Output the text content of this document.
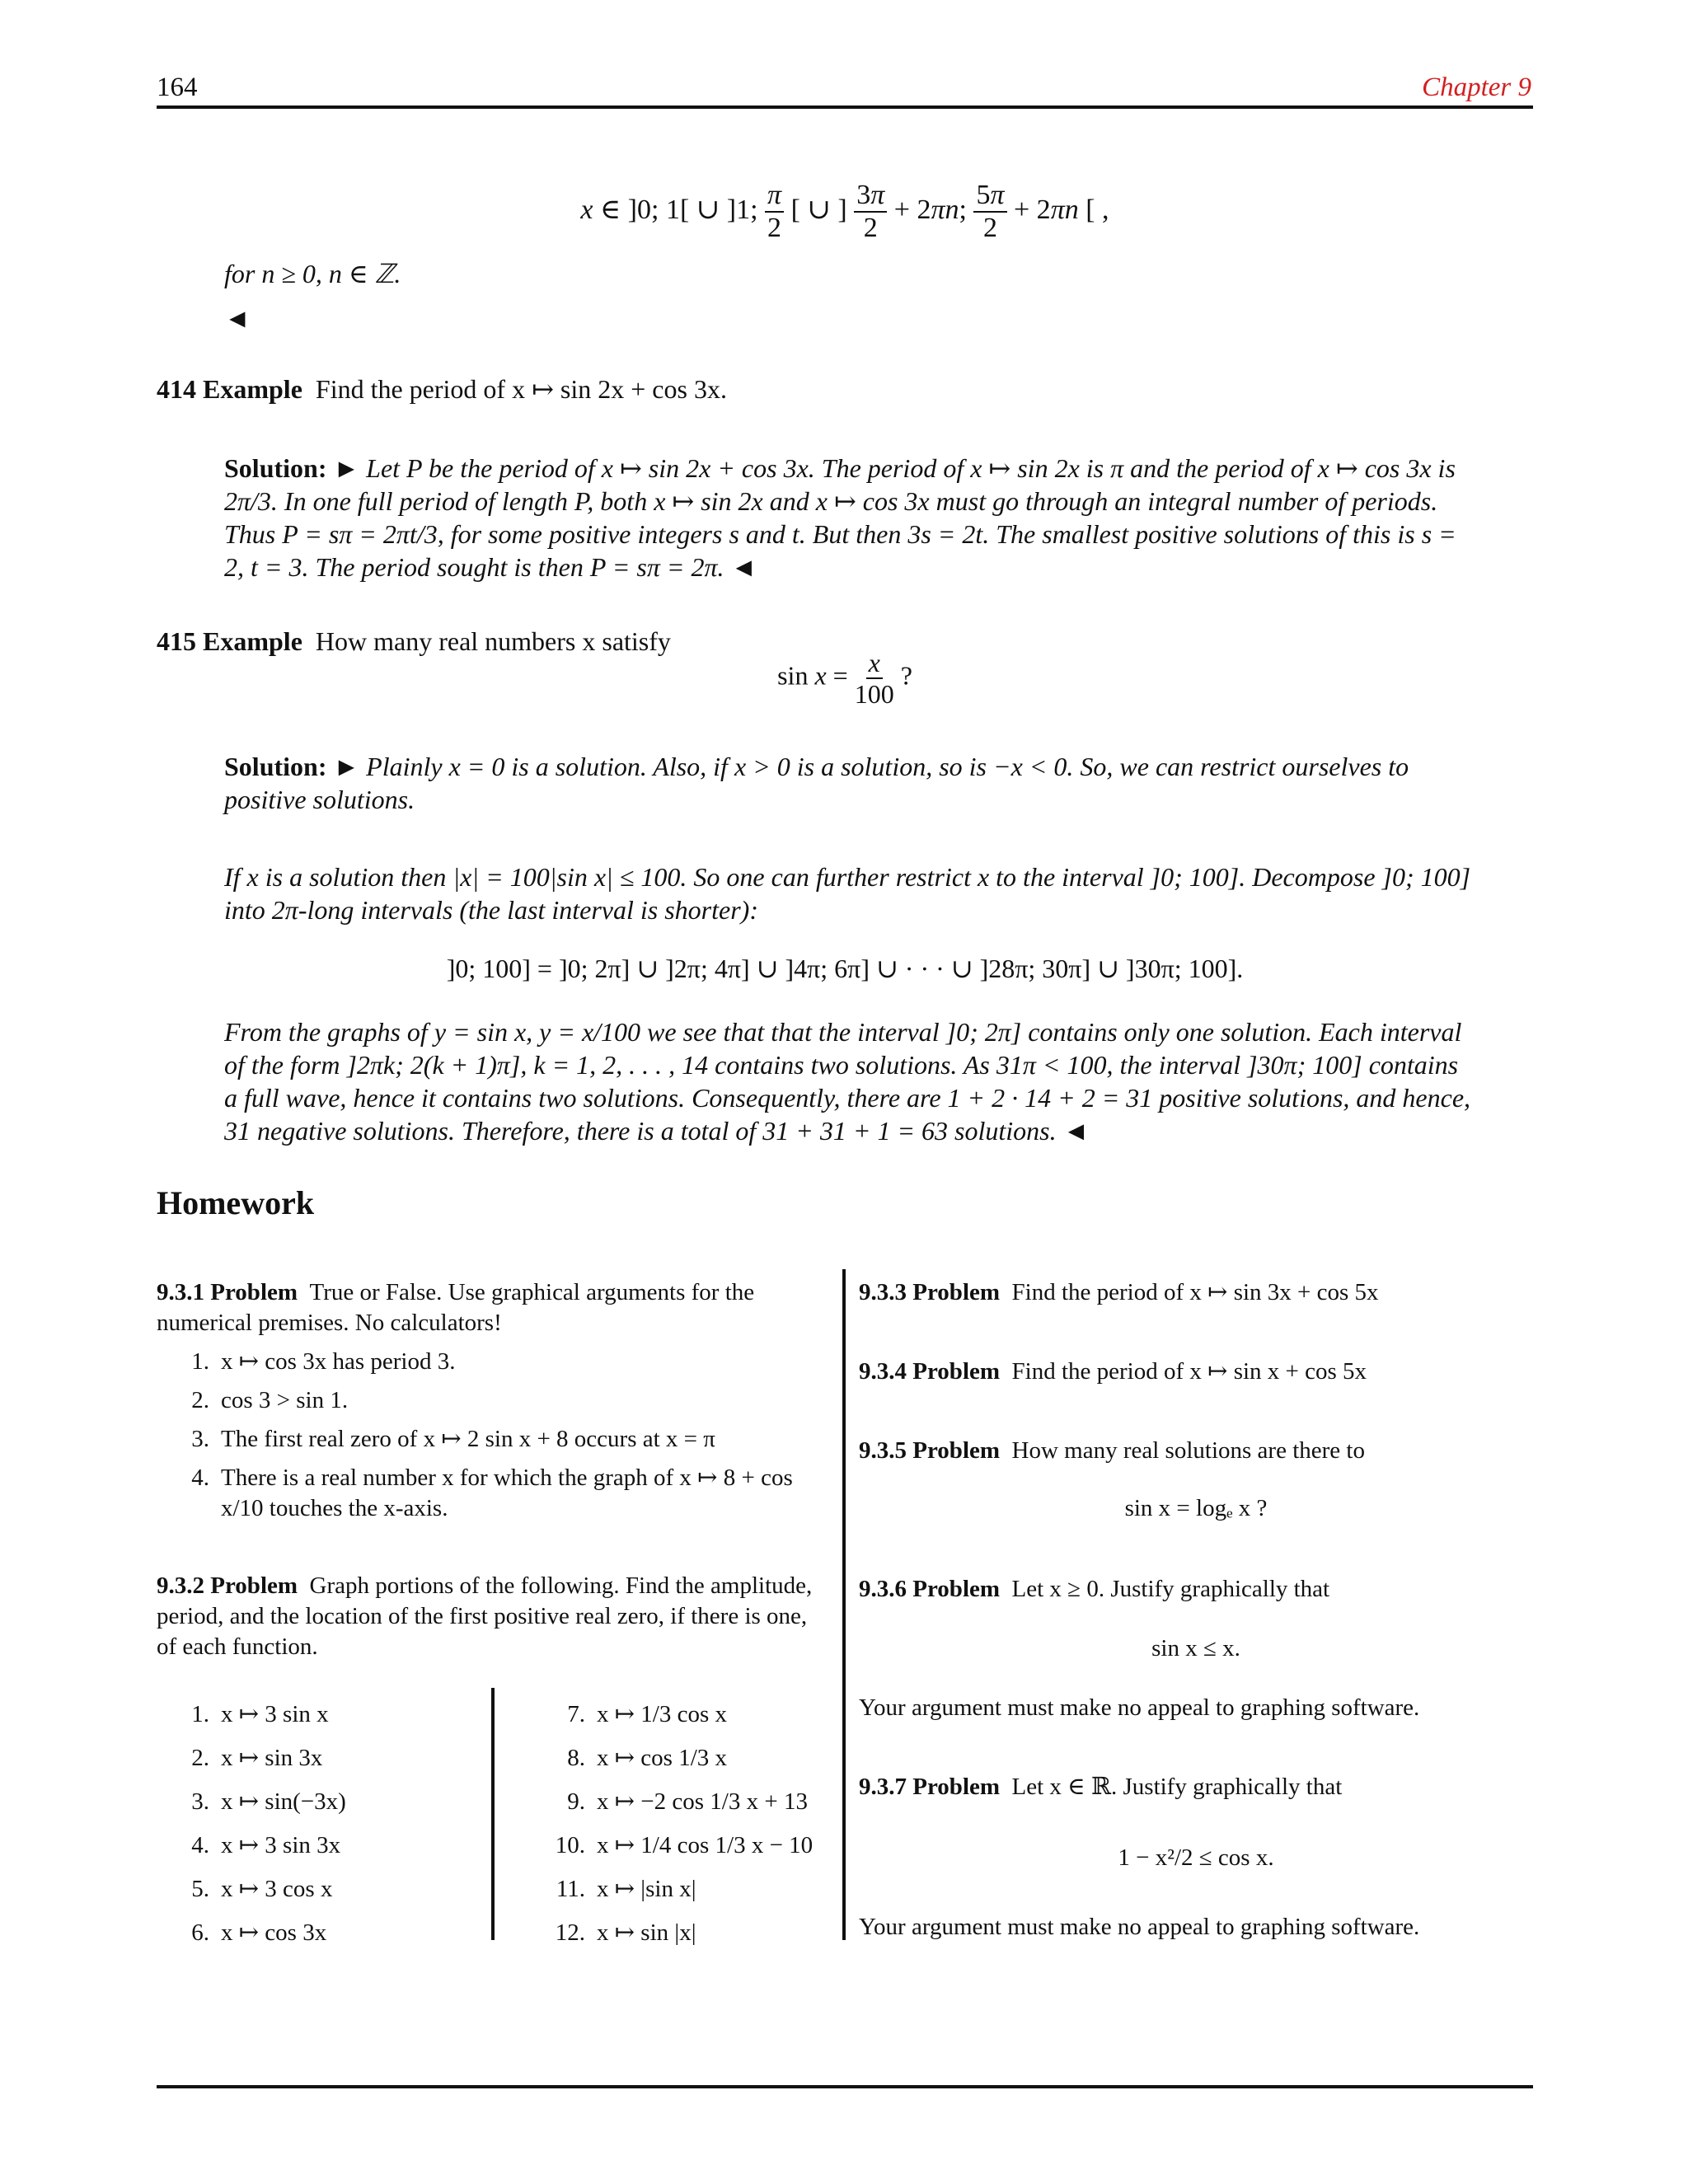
164	Chapter 9
x ∈ ]0; 1[ ∪ ]1; $\frac{\pi}{2}$ [ ∪ ] $\frac{3\pi}{2} + 2\pi n$; $\frac{5\pi}{2} + 2\pi n$ [ ,
for n ≥ 0, n ∈ ℤ.
◄
414 Example Find the period of x ↦ sin 2x + cos 3x.
Solution: ► Let P be the period of x ↦ sin 2x + cos 3x. The period of x ↦ sin 2x is π and the period of x ↦ cos 3x is 2π/3. In one full period of length P, both x ↦ sin 2x and x ↦ cos 3x must go through an integral number of periods. Thus P = sπ = 2πt/3, for some positive integers s and t. But then 3s = 2t. The smallest positive solutions of this is s = 2, t = 3. The period sought is then P = sπ = 2π. ◄
415 Example How many real numbers x satisfy
$\sin x = \frac{x}{100}$ ?
Solution: ► Plainly x = 0 is a solution. Also, if x > 0 is a solution, so is −x < 0. So, we can restrict ourselves to positive solutions.
If x is a solution then |x| = 100|sin x| ≤ 100. So one can further restrict x to the interval ]0; 100]. Decompose ]0; 100] into 2π-long intervals (the last interval is shorter):
]0; 100] = ]0; 2π] ∪ ]2π; 4π] ∪ ]4π; 6π] ∪ · · · ∪ ]28π; 30π] ∪ ]30π; 100].
From the graphs of y = sin x, y = x/100 we see that that the interval ]0; 2π] contains only one solution. Each interval of the form ]2πk; 2(k + 1)π], k = 1, 2, . . . , 14 contains two solutions. As 31π < 100, the interval ]30π; 100] contains a full wave, hence it contains two solutions. Consequently, there are 1 + 2 · 14 + 2 = 31 positive solutions, and hence, 31 negative solutions. Therefore, there is a total of 31 + 31 + 1 = 63 solutions. ◄
Homework
9.3.1 Problem True or False. Use graphical arguments for the numerical premises. No calculators!
1. x ↦ cos 3x has period 3.
2. cos 3 > sin 1.
3. The first real zero of x ↦ 2 sin x + 8 occurs at x = π
4. There is a real number x for which the graph of x ↦ 8 + cos x/10 touches the x-axis.
9.3.2 Problem Graph portions of the following. Find the amplitude, period, and the location of the first positive real zero, if there is one, of each function.
1. x ↦ 3 sin x
2. x ↦ sin 3x
3. x ↦ sin(−3x)
4. x ↦ 3 sin 3x
5. x ↦ 3 cos x
6. x ↦ cos 3x
7. x ↦ 1/3 cos x
8. x ↦ cos 1/3 x
9. x ↦ −2 cos 1/3 x + 13
10. x ↦ 1/4 cos 1/3 x − 10
11. x ↦ |sin x|
12. x ↦ sin |x|
9.3.3 Problem Find the period of x ↦ sin 3x + cos 5x
9.3.4 Problem Find the period of x ↦ sin x + cos 5x
9.3.5 Problem How many real solutions are there to
sin x = logₑ x ?
9.3.6 Problem Let x ≥ 0. Justify graphically that
sin x ≤ x.
Your argument must make no appeal to graphing software.
9.3.7 Problem Let x ∈ ℝ. Justify graphically that
1 − x²/2 ≤ cos x.
Your argument must make no appeal to graphing software.
